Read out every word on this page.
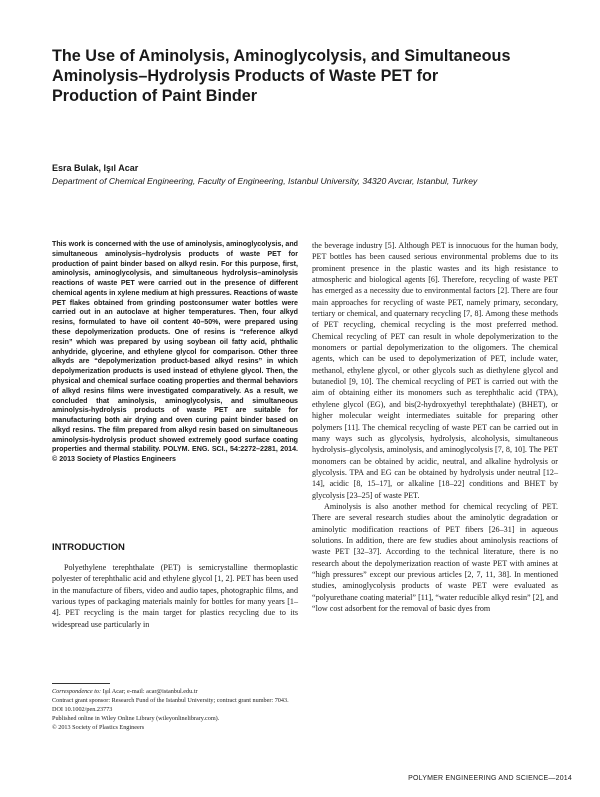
The Use of Aminolysis, Aminoglycolysis, and Simultaneous Aminolysis–Hydrolysis Products of Waste PET for Production of Paint Binder
Esra Bulak, Işıl Acar
Department of Chemical Engineering, Faculty of Engineering, Istanbul University, 34320 Avcıar, Istanbul, Turkey

This work is concerned with the use of aminolysis, aminoglycolysis, and simultaneous aminolysis–hydrolysis products of waste PET for production of paint binder based on alkyd resin. For this purpose, first, aminolysis, aminoglycolysis, and simultaneous hydrolysis–aminolysis reactions of waste PET were carried out in the presence of different chemical agents in xylene medium at high pressures. Reactions of waste PET flakes obtained from grinding postconsumer water bottles were carried out in an autoclave at higher temperatures. Then, four alkyd resins, formulated to have oil content 40–50%, were prepared using these depolymerization products. One of resins is “reference alkyd resin” which was prepared by using soybean oil fatty acid, phthalic anhydride, glycerine, and ethylene glycol for comparison. Other three alkyds are “depolymerization product-based alkyd resins” in which depolymerization products is used instead of ethylene glycol. Then, the physical and chemical surface coating properties and thermal behaviors of alkyd resins films were investigated comparatively. As a result, we concluded that aminolysis, aminoglycolysis, and simultaneous aminolysis-hydrolysis products of waste PET are suitable for manufacturing both air drying and oven curing paint binder based on alkyd resins. The film prepared from alkyd resin based on simultaneous aminolysis-hydrolysis product showed extremely good surface coating properties and thermal stability. POLYM. ENG. SCI., 54:2272–2281, 2014. © 2013 Society of Plastics Engineers

INTRODUCTION

Polyethylene terephthalate (PET) is semicrystalline thermoplastic polyester of terephthalic acid and ethylene glycol [1, 2]. PET has been used in the manufacture of fibers, video and audio tapes, photographic films, and various types of packaging materials mainly for bottles for many years [1–4]. PET recycling is the main target for plastics recycling due to its widespread use particularly in

Correspondence to: Işıl Acar; e-mail: acar@istanbul.edu.tr

Contract grant sponsor: Research Fund of the Istanbul University; contract grant number: 7043.

DOI 10.1002/pen.23773

Published online in Wiley Online Library (wileyonlinelibrary.com).

© 2013 Society of Plastics Engineers

the beverage industry [5]. Although PET is innocuous for the human body, PET bottles has been caused serious environmental problems due to its prominent presence in the plastic wastes and its high resistance to atmospheric and biological agents [6]. Therefore, recycling of waste PET has emerged as a necessity due to environmental factors [2]. There are four main approaches for recycling of waste PET, namely primary, secondary, tertiary or chemical, and quaternary recycling [7, 8]. Among these methods of PET recycling, chemical recycling is the most preferred method. Chemical recycling of PET can result in whole depolymerization to the monomers or partial depolymerization to the oligomers. The chemical agents, which can be used to depolymerization of PET, include water, methanol, ethylene glycol, or other glycols such as diethylene glycol and butanediol [9, 10]. The chemical recycling of PET is carried out with the aim of obtaining either its monomers such as terephthalic acid (TPA), ethylene glycol (EG), and bis(2-hydroxyethyl terephthalate) (BHET), or higher molecular weight intermediates suitable for preparing other polymers [11]. The chemical recycling of waste PET can be carried out in many ways such as glycolysis, hydrolysis, alcoholysis, simultaneous hydrolysis–glycolysis, aminolysis, and aminoglycolysis [7, 8, 10]. The PET monomers can be obtained by acidic, neutral, and alkaline hydrolysis or glycolysis. TPA and EG can be obtained by hydrolysis under neutral [12–14], acidic [8, 15–17], or alkaline [18–22] conditions and BHET by glycolysis [23–25] of waste PET.

Aminolysis is also another method for chemical recycling of PET. There are several research studies about the aminolytic degradation or aminolytic modification reactions of PET fibers [26–31] in aqueous solutions. In addition, there are few studies about aminolysis reactions of waste PET [32–37]. According to the technical literature, there is no research about the depolymerization reaction of waste PET with amines at “high pressures” except our previous articles [2, 7, 11, 38]. In mentioned studies, aminoglycolysis products of waste PET were evaluated as “polyurethane coating material” [11], “water reducible alkyd resin” [2], and “low cost adsorbent for the removal of basic dyes from

POLYMER ENGINEERING AND SCIENCE—2014
